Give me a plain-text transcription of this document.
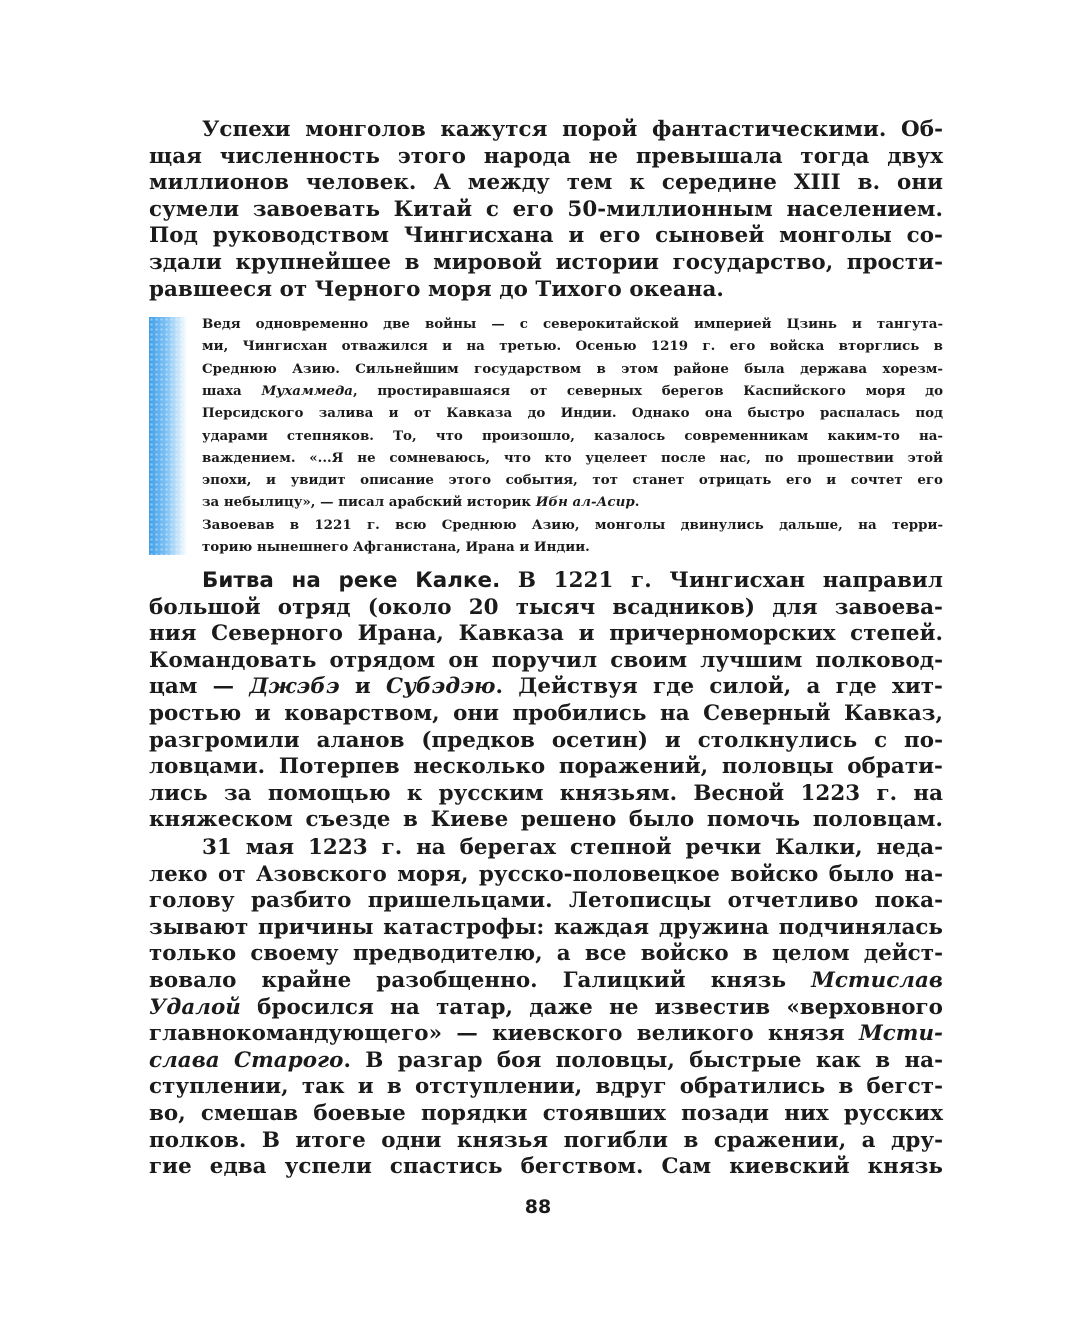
Успехи монголов кажутся порой фантастическими. Об-

щая численность этого народа не превышала тогда двух

миллионов человек. А между тем к середине XIII в. они

сумели завоевать Китай с его 50-миллионным населением.

Под руководством Чингисхана и его сыновей монголы со-

здали крупнейшее в мировой истории государство, прости-

равшееся от Черного моря до Тихого океана.

Ведя одновременно две войны — с северокитайской империей Цзинь и тангута-

ми, Чингисхан отважился и на третью. Осенью 1219 г. его войска вторглись в

Среднюю Азию. Сильнейшим государством в этом районе была держава хорезм-

шаха Мухаммеда, простиравшаяся от северных берегов Каспийского моря до

Персидского залива и от Кавказа до Индии. Однако она быстро распалась под

ударами степняков. То, что произошло, казалось современникам каким-то на-

важдением. «...Я не сомневаюсь, что кто уцелеет после нас, по прошествии этой

эпохи, и увидит описание этого события, тот станет отрицать его и сочтет его

за небылицу», — писал арабский историк Ибн ал-Асир.

Завоевав в 1221 г. всю Среднюю Азию, монголы двинулись дальше, на терри-

торию нынешнего Афганистана, Ирана и Индии.

Битва на реке Калке. В 1221 г. Чингисхан направил

большой отряд (около 20 тысяч всадников) для завоева-

ния Северного Ирана, Кавказа и причерноморских степей.

Командовать отрядом он поручил своим лучшим полковод-

цам — Джэбэ и Субэдэю. Действуя где силой, а где хит-

ростью и коварством, они пробились на Северный Кавказ,

разгромили аланов (предков осетин) и столкнулись с по-

ловцами. Потерпев несколько поражений, половцы обрати-

лись за помощью к русским князьям. Весной 1223 г. на

княжеском съезде в Киеве решено было помочь половцам.

31 мая 1223 г. на берегах степной речки Калки, неда-

леко от Азовского моря, русско-половецкое войско было на-

голову разбито пришельцами. Летописцы отчетливо пока-

зывают причины катастрофы: каждая дружина подчинялась

только своему предводителю, а все войско в целом дейст-

вовало крайне разобщенно. Галицкий князь Мстислав

Удалой бросился на татар, даже не известив «верховного

главнокомандующего» — киевского великого князя Мсти-

слава Старого. В разгар боя половцы, быстрые как в на-

ступлении, так и в отступлении, вдруг обратились в бегст-

во, смешав боевые порядки стоявших позади них русских

полков. В итоге одни князья погибли в сражении, а дру-

гие едва успели спастись бегством. Сам киевский князь

88
